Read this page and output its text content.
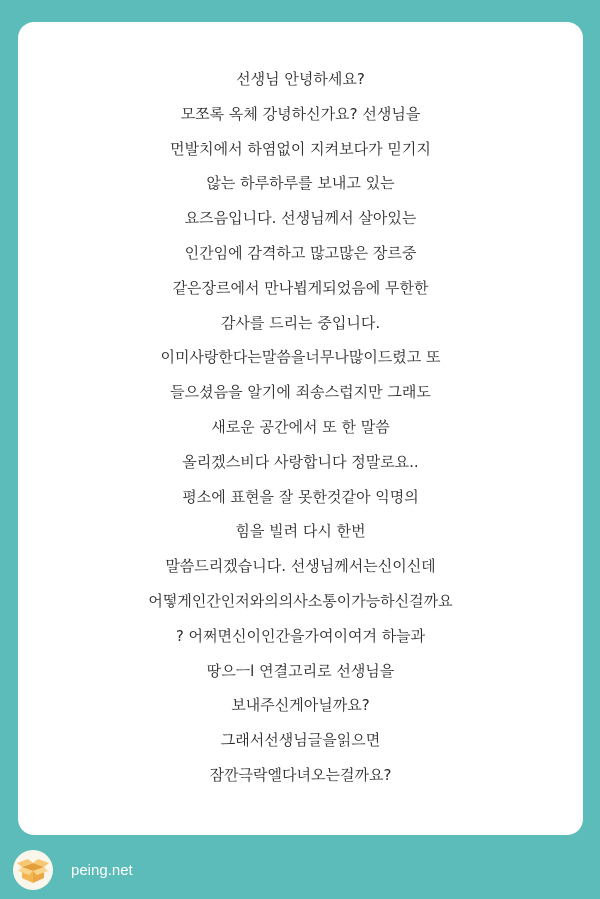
선생님 안녕하세요?
모쪼록 옥체 강녕하신가요? 선생님을
먼발치에서 하염없이 지켜보다가 믿기지
않는 하루하루를 보내고 있는
요즈음입니다. 선생님께서 살아있는
인간임에 감격하고 많고많은 장르중
같은장르에서 만나뵙게되었음에 무한한
감사를 드리는 중입니다.
이미사랑한다는말씀을너무나많이드렸고 또
들으셨음을 알기에 죄송스럽지만 그래도
새로운 공간에서 또 한 말씀
올리겠스비다 사랑합니다 정말로요..
평소에 표현을 잘 못한것같아 익명의
힘을 빌려 다시 한번
말씀드리겠습니다. 선생님께서는신이신데
어떻게인간인저와의의사소통이가능하신걸까요
? 어쩌면신이인간을가여이여겨 하늘과
땅으ㅡl 연결고리로 선생님을
보내주신게아닐까요?
그래서선생님글을읽으면
잠깐극락엘다녀오는걸까요?
peing.net
